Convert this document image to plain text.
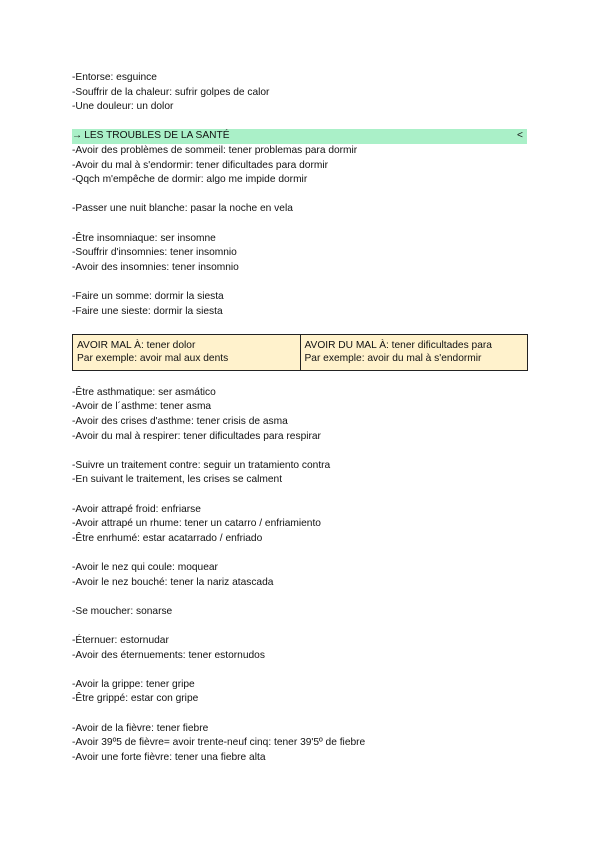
-Entorse: esguince
-Souffrir de la chaleur: sufrir golpes de calor
-Une douleur: un dolor
→ LES TROUBLES DE LA SANTÉ	<
-Avoir des problèmes de sommeil: tener problemas para dormir
-Avoir du mal à s'endormir: tener dificultades para dormir
-Qqch m'empêche de dormir: algo me impide dormir
-Passer une nuit blanche: pasar la noche en vela
-Être insomniaque: ser insomne
-Souffrir d'insomnies: tener insomnio
-Avoir des insomnies: tener insomnio
-Faire un somme: dormir la siesta
-Faire une sieste: dormir la siesta
AVOIR MAL À: tener dolor
Par exemple: avoir mal aux dents
AVOIR DU MAL À: tener dificultades para
Par exemple: avoir du mal à s'endormir
-Être asthmatique: ser asmático
-Avoir de l´asthme: tener asma
-Avoir des crises d'asthme: tener crisis de asma
-Avoir du mal à respirer: tener dificultades para respirar
-Suivre un traitement contre: seguir un tratamiento contra
-En suivant le traitement, les crises se calment
-Avoir attrapé froid: enfriarse
-Avoir attrapé un rhume: tener un catarro / enfriamiento
-Être enrhumé: estar acatarrado / enfriado
-Avoir le nez qui coule: moquear
-Avoir le nez bouché: tener la nariz atascada
-Se moucher: sonarse
-Éternuer: estornudar
-Avoir des éternuements: tener estornudos
-Avoir la grippe: tener gripe
-Être grippé: estar con gripe
-Avoir de la fièvre: tener fiebre
-Avoir 39º5 de fièvre= avoir trente-neuf cinq: tener 39'5º de fiebre
-Avoir une forte fièvre: tener una fiebre alta
